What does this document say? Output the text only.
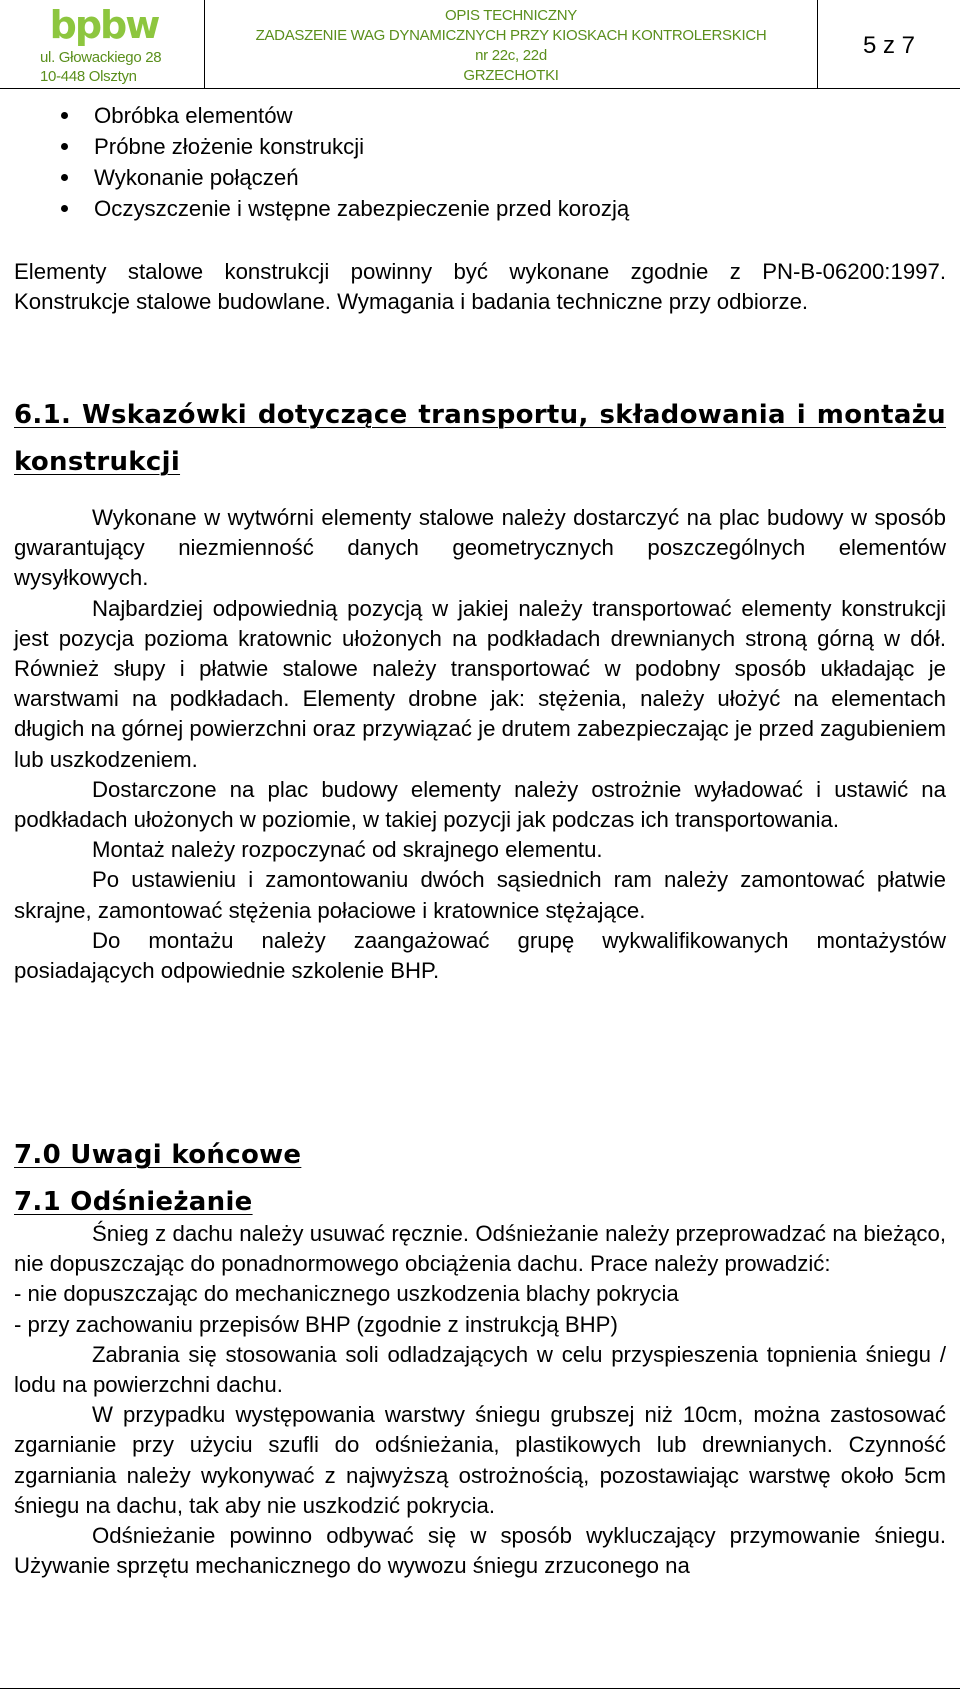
bpbw
ul. Głowackiego 28
10-448 Olsztyn
OPIS TECHNICZNY
ZADASZENIE WAG DYNAMICZNYCH PRZY KIOSKACH KONTROLERSKICH
nr 22c, 22d
GRZECHOTKI
5 z 7
Obróbka elementów
Próbne złożenie konstrukcji
Wykonanie połączeń
Oczyszczenie i wstępne zabezpieczenie przed korozją

Elementy stalowe konstrukcji powinny być wykonane zgodnie z PN-B-06200:1997. Konstrukcje stalowe budowlane. Wymagania i badania techniczne przy odbiorze.

6.1. Wskazówki dotyczące transportu, składowania i montażu konstrukcji

Wykonane w wytwórni elementy stalowe należy dostarczyć na plac budowy w sposób gwarantujący niezmienność danych geometrycznych poszczególnych elementów wysyłkowych.

Najbardziej odpowiednią pozycją w jakiej należy transportować elementy konstrukcji jest pozycja pozioma kratownic ułożonych na podkładach drewnianych stroną górną w dół. Również słupy i płatwie stalowe należy transportować w podobny sposób układając je warstwami na podkładach. Elementy drobne jak: stężenia, należy ułożyć na elementach długich na górnej powierzchni oraz przywiązać je drutem zabezpieczając je przed zagubieniem lub uszkodzeniem.

Dostarczone na plac budowy elementy należy ostrożnie wyładować i ustawić na podkładach ułożonych w poziomie, w takiej pozycji jak podczas ich transportowania.

Montaż należy rozpoczynać od skrajnego elementu.

Po ustawieniu i zamontowaniu dwóch sąsiednich ram należy zamontować płatwie skrajne, zamontować stężenia połaciowe i kratownice stężające.

Do montażu należy zaangażować grupę wykwalifikowanych montażystów posiadających odpowiednie szkolenie BHP.

7.0 Uwagi końcowe
7.1 Odśnieżanie

Śnieg z dachu należy usuwać ręcznie. Odśnieżanie należy przeprowadzać na bieżąco, nie dopuszczając do ponadnormowego obciążenia dachu. Prace należy prowadzić:

- nie dopuszczając do mechanicznego uszkodzenia blachy pokrycia

- przy zachowaniu przepisów BHP (zgodnie z instrukcją BHP)

Zabrania się stosowania soli odladzających w celu przyspieszenia topnienia śniegu / lodu na powierzchni dachu.

W przypadku występowania warstwy śniegu grubszej niż 10cm, można zastosować zgarnianie przy użyciu szufli do odśnieżania, plastikowych lub drewnianych. Czynność zgarniania należy wykonywać z najwyższą ostrożnością, pozostawiając warstwę około 5cm śniegu na dachu, tak aby nie uszkodzić pokrycia.

Odśnieżanie powinno odbywać się w sposób wykluczający przymowanie śniegu. Używanie sprzętu mechanicznego do wywozu śniegu zrzuconego na
